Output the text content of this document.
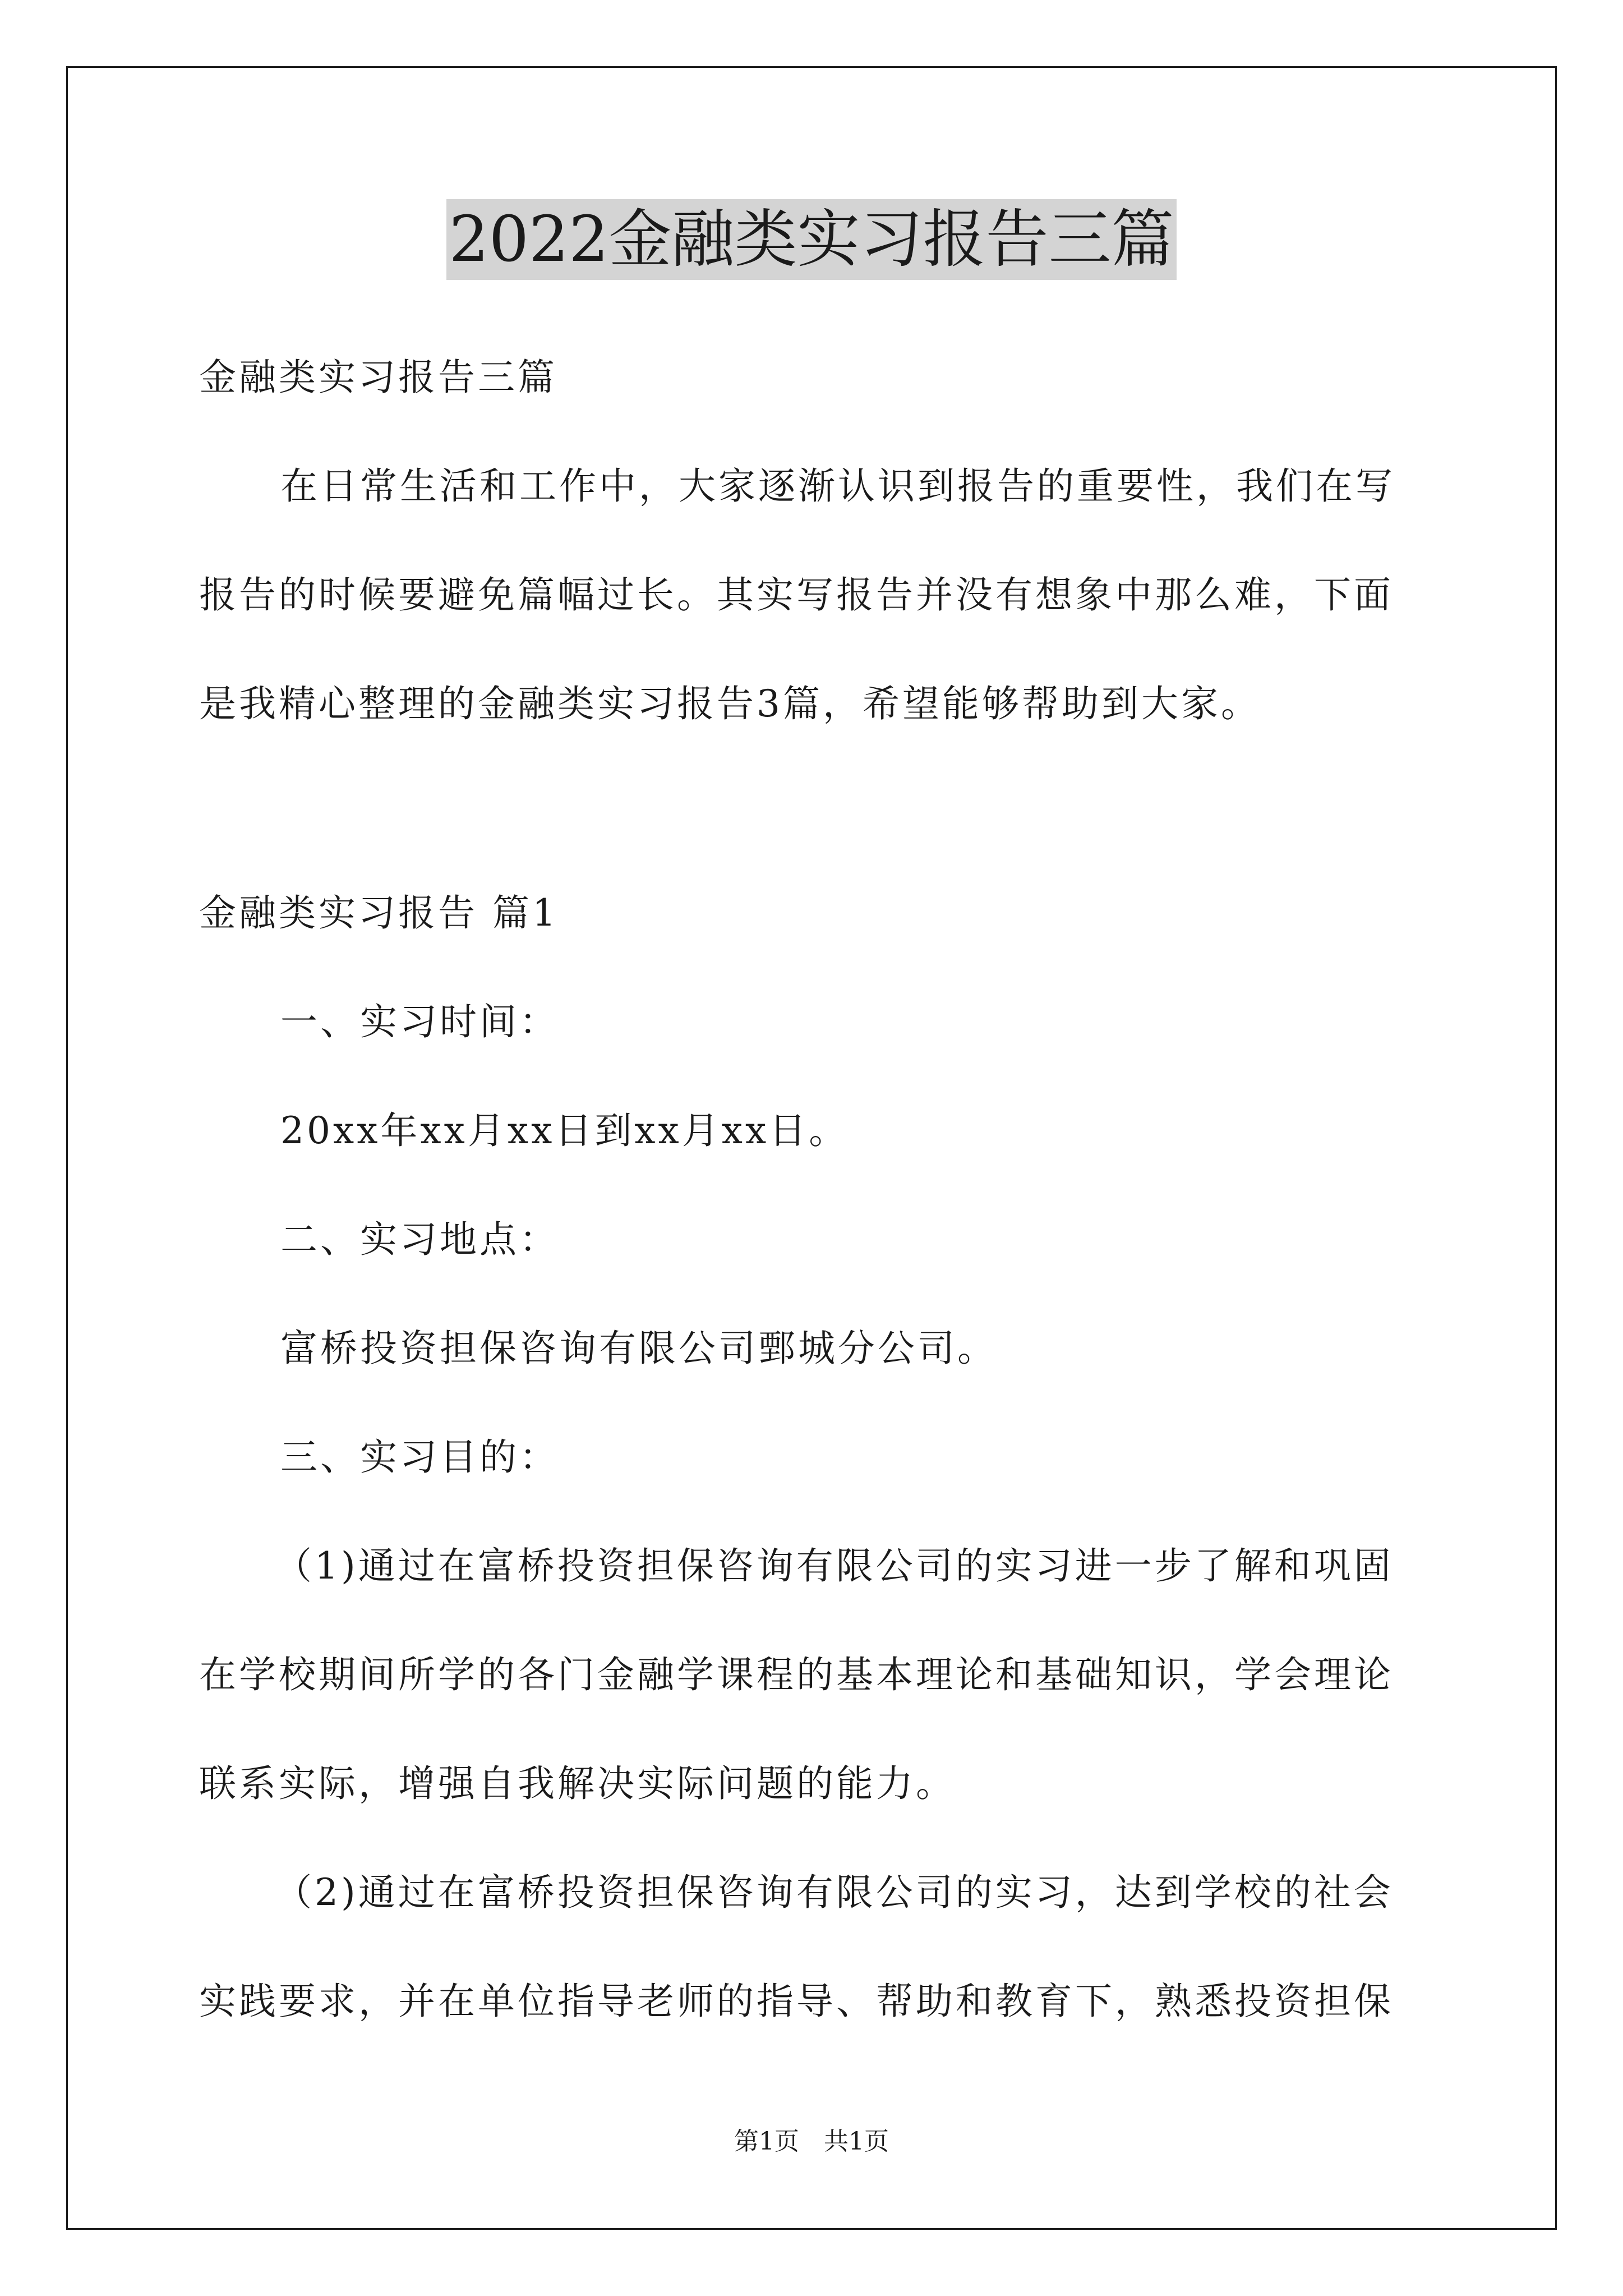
2022金融类实习报告三篇
金融类实习报告三篇
在日常生活和工作中，大家逐渐认识到报告的重要性，我们在写
报告的时候要避免篇幅过长。其实写报告并没有想象中那么难，下面
是我精心整理的金融类实习报告3篇，希望能够帮助到大家。
金融类实习报告 篇1
一、实习时间：
20xx年xx月xx日到xx月xx日。
二、实习地点：
富桥投资担保咨询有限公司鄄城分公司。
三、实习目的：
（1)通过在富桥投资担保咨询有限公司的实习进一步了解和巩固
在学校期间所学的各门金融学课程的基本理论和基础知识，学会理论
联系实际，增强自我解决实际问题的能力。
（2)通过在富桥投资担保咨询有限公司的实习，达到学校的社会
实践要求，并在单位指导老师的指导、帮助和教育下，熟悉投资担保
第1页 共1页
